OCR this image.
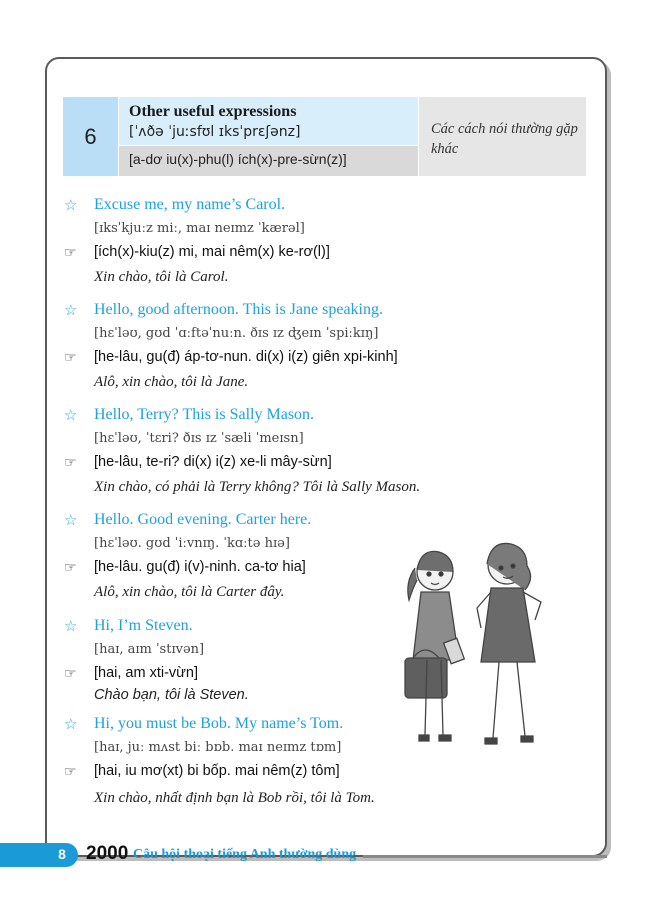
6
Other useful expressions
[ˈʌðə ˈjuːsfʊl ɪksˈprɛʃənz]
[a-dơ iu(x)-phu(l) ích(x)-pre-sừn(z)]
Các cách nói thường gặp khác
☆ Excuse me, my name’s Carol.
[ɪksˈkjuːz miː, maɪ neɪmz ˈkærəl]
☞ [ích(x)-kiu(z) mi, mai nêm(x) ke-rơ(l)]
Xin chào, tôi là Carol.
☆ Hello, good afternoon. This is Jane speaking.
[hɛˈləʊ, gʊd ˈɑːftəˈnuːn. ðɪs ɪz ʤeɪn ˈspiːkɪŋ]
☞ [he-lâu, gu(đ) áp-tơ-nun. di(x) i(z) giên xpi-kinh]
Alô, xin chào, tôi là Jane.
☆ Hello, Terry? This is Sally Mason.
[hɛˈləʊ, ˈtɛri? ðɪs ɪz ˈsæli ˈmeɪsn]
☞ [he-lâu, te-ri? di(x) i(z) xe-li mây-sừn]
Xin chào, có phải là Terry không? Tôi là Sally Mason.
☆ Hello. Good evening. Carter here.
[hɛˈləʊ. gʊd ˈiːvnɪŋ. ˈkɑːtə hɪə]
☞ [he-lâu. gu(đ) i(v)-ninh. ca-tơ hia]
Alô, xin chào, tôi là Carter đây.
☆ Hi, I’m Steven.
[haɪ, aɪm ˈstɪvən]
☞ [hai, am xti-vừn]
Chào bạn, tôi là Steven.
☆ Hi, you must be Bob. My name’s Tom.
[haɪ, juː mʌst biː bɒb. maɪ neɪmz tɒm]
☞ [hai, iu mơ(xt) bi bốp. mai nêm(z) tôm]
Xin chào, nhất định bạn là Bob rồi, tôi là Tom.
8	2000 Câu hội thoại tiếng Anh thường dùng
